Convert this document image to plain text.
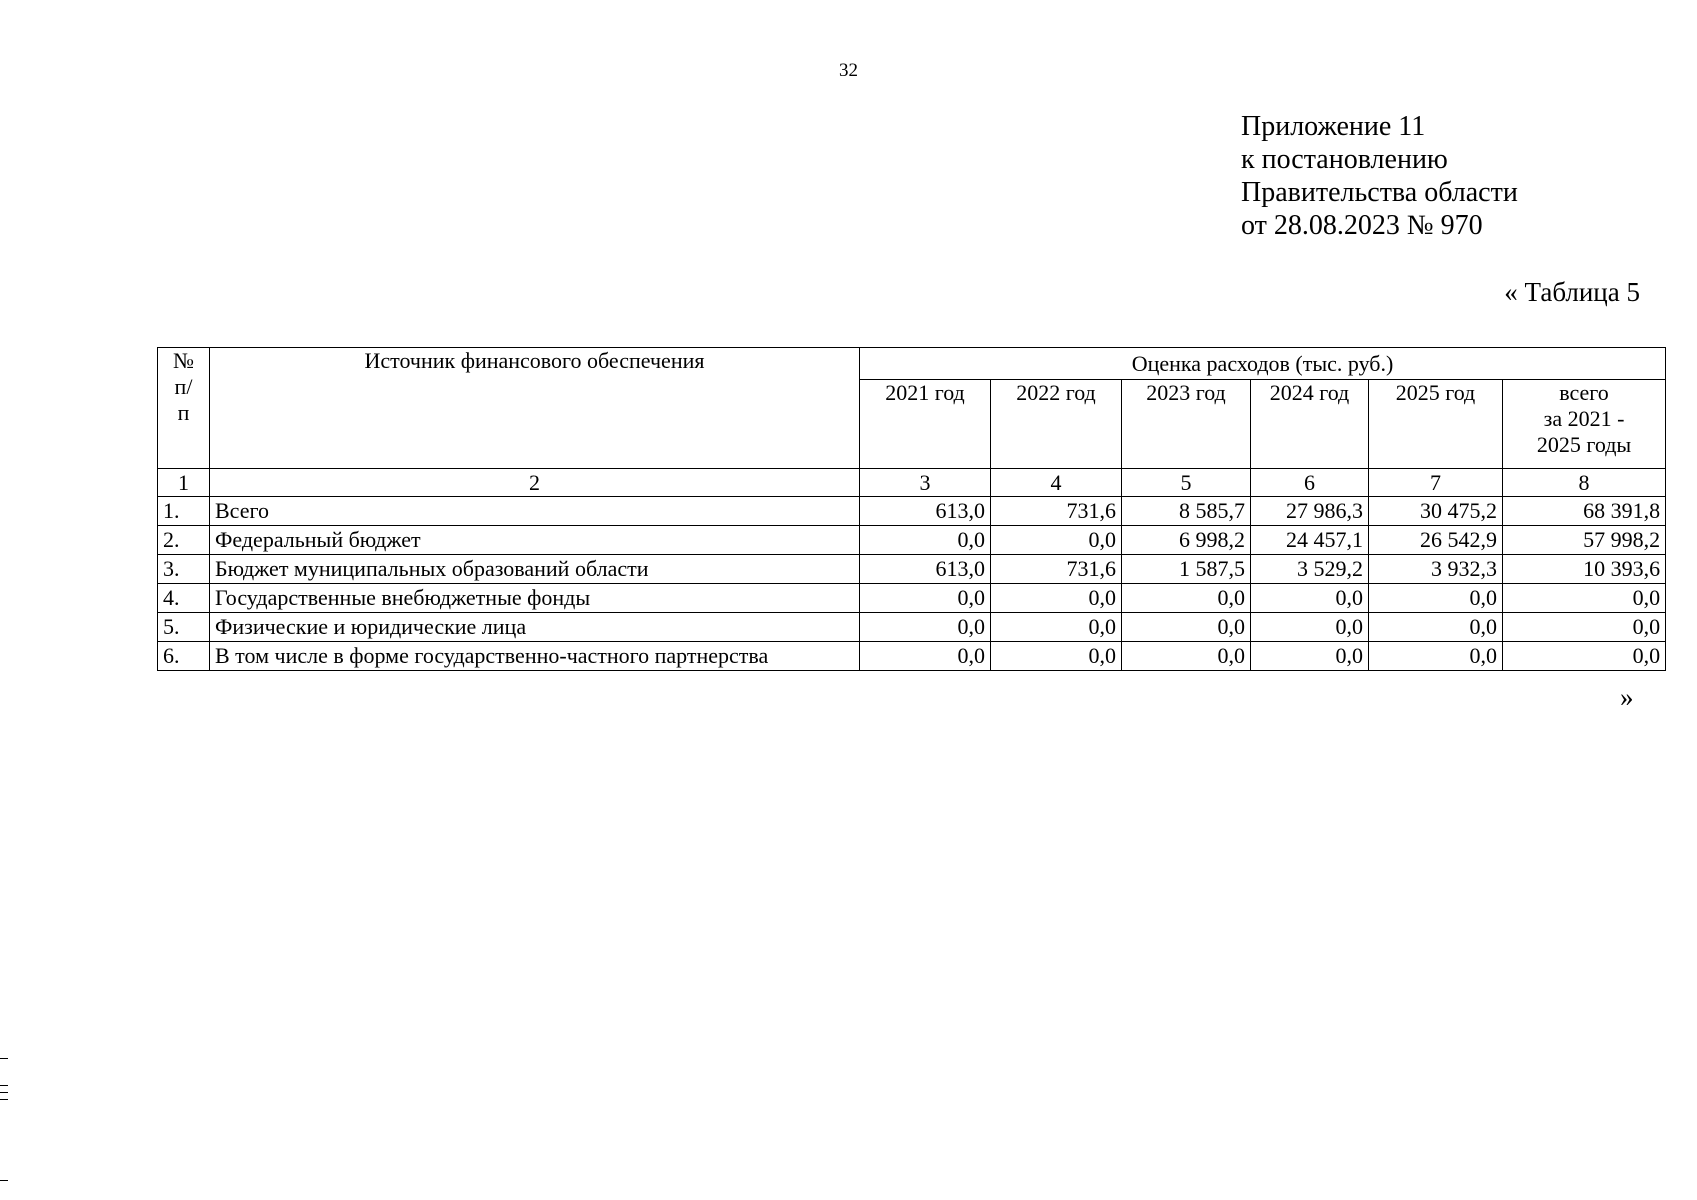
32
Приложение 11
к постановлению
Правительства области
от 28.08.2023 № 970
« Таблица 5
№
п/
п	Источник финансового обеспечения	Оценка расходов (тыс. руб.)					
		2021 год	2022 год	2023 год	2024 год	2025 год	всего
за 2021 -
2025 годы

1	2	3	4	5	6	7	8
1.	Всего	613,0	731,6	8 585,7	27 986,3	30 475,2	68 391,8
2.	Федеральный бюджет	0,0	0,0	6 998,2	24 457,1	26 542,9	57 998,2
3.	Бюджет муниципальных образований области	613,0	731,6	1 587,5	3 529,2	3 932,3	10 393,6
4.	Государственные внебюджетные фонды	0,0	0,0	0,0	0,0	0,0	0,0
5.	Физические и юридические лица	0,0	0,0	0,0	0,0	0,0	0,0
6.	В том числе в форме государственно-частного партнерства	0,0	0,0	0,0	0,0	0,0	0,0
»
